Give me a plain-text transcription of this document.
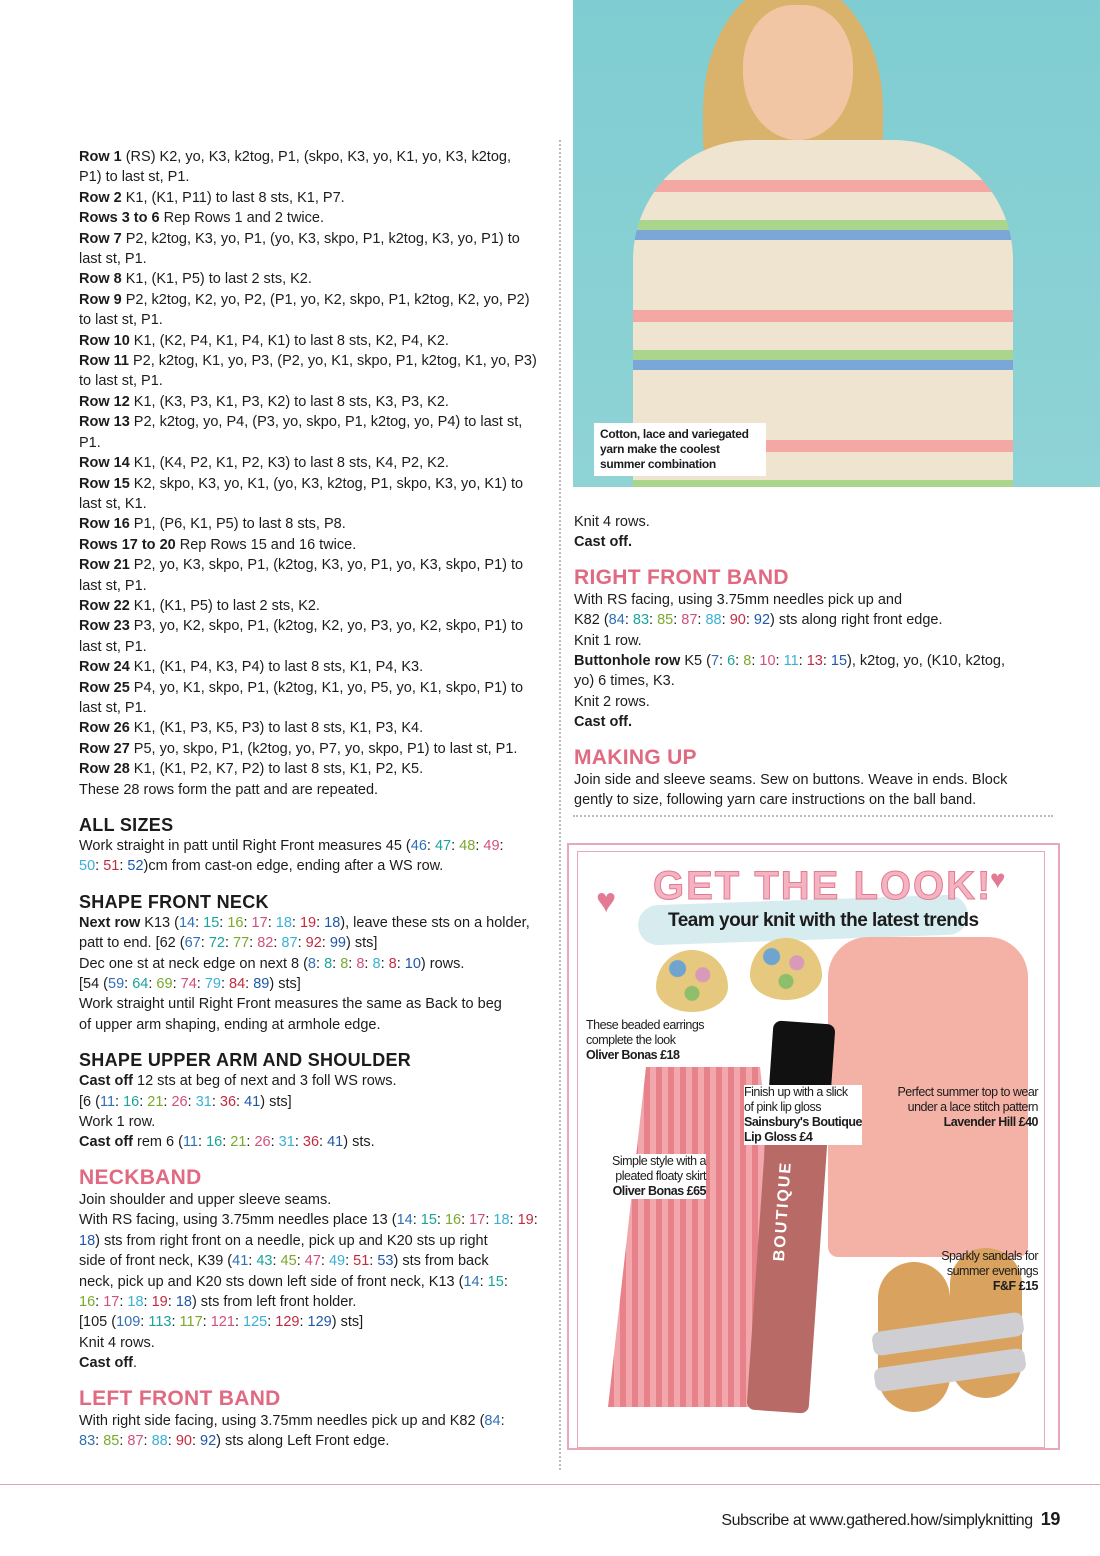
Row 1 (RS) K2, yo, K3, k2tog, P1, (skpo, K3, yo, K1, yo, K3, k2tog,
P1) to last st, P1.
Row 2 K1, (K1, P11) to last 8 sts, K1, P7.
Rows 3 to 6 Rep Rows 1 and 2 twice.
Row 7 P2, k2tog, K3, yo, P1, (yo, K3, skpo, P1, k2tog, K3, yo, P1) to
last st, P1.
Row 8 K1, (K1, P5) to last 2 sts, K2.
Row 9 P2, k2tog, K2, yo, P2, (P1, yo, K2, skpo, P1, k2tog, K2, yo, P2)
to last st, P1.
Row 10 K1, (K2, P4, K1, P4, K1) to last 8 sts, K2, P4, K2.
Row 11 P2, k2tog, K1, yo, P3, (P2, yo, K1, skpo, P1, k2tog, K1, yo, P3)
to last st, P1.
Row 12 K1, (K3, P3, K1, P3, K2) to last 8 sts, K3, P3, K2.
Row 13 P2, k2tog, yo, P4, (P3, yo, skpo, P1, k2tog, yo, P4) to last st,
P1.
Row 14 K1, (K4, P2, K1, P2, K3) to last 8 sts, K4, P2, K2.
Row 15 K2, skpo, K3, yo, K1, (yo, K3, k2tog, P1, skpo, K3, yo, K1) to
last st, K1.
Row 16 P1, (P6, K1, P5) to last 8 sts, P8.
Rows 17 to 20 Rep Rows 15 and 16 twice.
Row 21 P2, yo, K3, skpo, P1, (k2tog, K3, yo, P1, yo, K3, skpo, P1) to
last st, P1.
Row 22 K1, (K1, P5) to last 2 sts, K2.
Row 23 P3, yo, K2, skpo, P1, (k2tog, K2, yo, P3, yo, K2, skpo, P1) to
last st, P1.
Row 24 K1, (K1, P4, K3, P4) to last 8 sts, K1, P4, K3.
Row 25 P4, yo, K1, skpo, P1, (k2tog, K1, yo, P5, yo, K1, skpo, P1) to
last st, P1.
Row 26 K1, (K1, P3, K5, P3) to last 8 sts, K1, P3, K4.
Row 27 P5, yo, skpo, P1, (k2tog, yo, P7, yo, skpo, P1) to last st, P1.
Row 28 K1, (K1, P2, K7, P2) to last 8 sts, K1, P2, K5.
These 28 rows form the patt and are repeated.
ALL SIZES
Work straight in patt until Right Front measures 45 (46: 47: 48: 49:
50: 51: 52)cm from cast-on edge, ending after a WS row.
SHAPE FRONT NECK
Next row K13 (14: 15: 16: 17: 18: 19: 18), leave these sts on a holder,
patt to end. [62 (67: 72: 77: 82: 87: 92: 99) sts]
Dec one st at neck edge on next 8 (8: 8: 8: 8: 8: 8: 10) rows.
[54 (59: 64: 69: 74: 79: 84: 89) sts]
Work straight until Right Front measures the same as Back to beg
of upper arm shaping, ending at armhole edge.
SHAPE UPPER ARM AND SHOULDER
Cast off 12 sts at beg of next and 3 foll WS rows.
[6 (11: 16: 21: 26: 31: 36: 41) sts]
Work 1 row.
Cast off rem 6 (11: 16: 21: 26: 31: 36: 41) sts.
NECKBAND
Join shoulder and upper sleeve seams.
With RS facing, using 3.75mm needles place 13 (14: 15: 16: 17: 18: 19:
18) sts from right front on a needle, pick up and K20 sts up right
side of front neck, K39 (41: 43: 45: 47: 49: 51: 53) sts from back
neck, pick up and K20 sts down left side of front neck, K13 (14: 15:
16: 17: 18: 19: 18) sts from left front holder.
[105 (109: 113: 117: 121: 125: 129: 129) sts]
Knit 4 rows.
Cast off.
LEFT FRONT BAND
With right side facing, using 3.75mm needles pick up and K82 (84:
83: 85: 87: 88: 90: 92) sts along Left Front edge.
Cotton, lace and variegated
yarn make the coolest
summer combination
Knit 4 rows.
Cast off.
RIGHT FRONT BAND
With RS facing, using 3.75mm needles pick up and
K82 (84: 83: 85: 87: 88: 90: 92) sts along right front edge.
Knit 1 row.
Buttonhole row K5 (7: 6: 8: 10: 11: 13: 15), k2tog, yo, (K10, k2tog,
yo) 6 times, K3.
Knit 2 rows.
Cast off.
MAKING UP
Join side and sleeve seams. Sew on buttons. Weave in ends. Block
gently to size, following yarn care instructions on the ball band.
♥
♥
GET THE LOOK!
Team your knit with the latest trends
BOUTIQUE
These beaded earrings
complete the look
Oliver Bonas £18
Finish up with a slick
of pink lip gloss
Sainsbury's Boutique
Lip Gloss £4
Perfect summer top to wear
under a lace stitch pattern
Lavender Hill £40
Simple style with a
pleated floaty skirt
Oliver Bonas £65
Sparkly sandals for
summer evenings
F&F £15
Subscribe at www.gathered.how/simplyknitting 19
